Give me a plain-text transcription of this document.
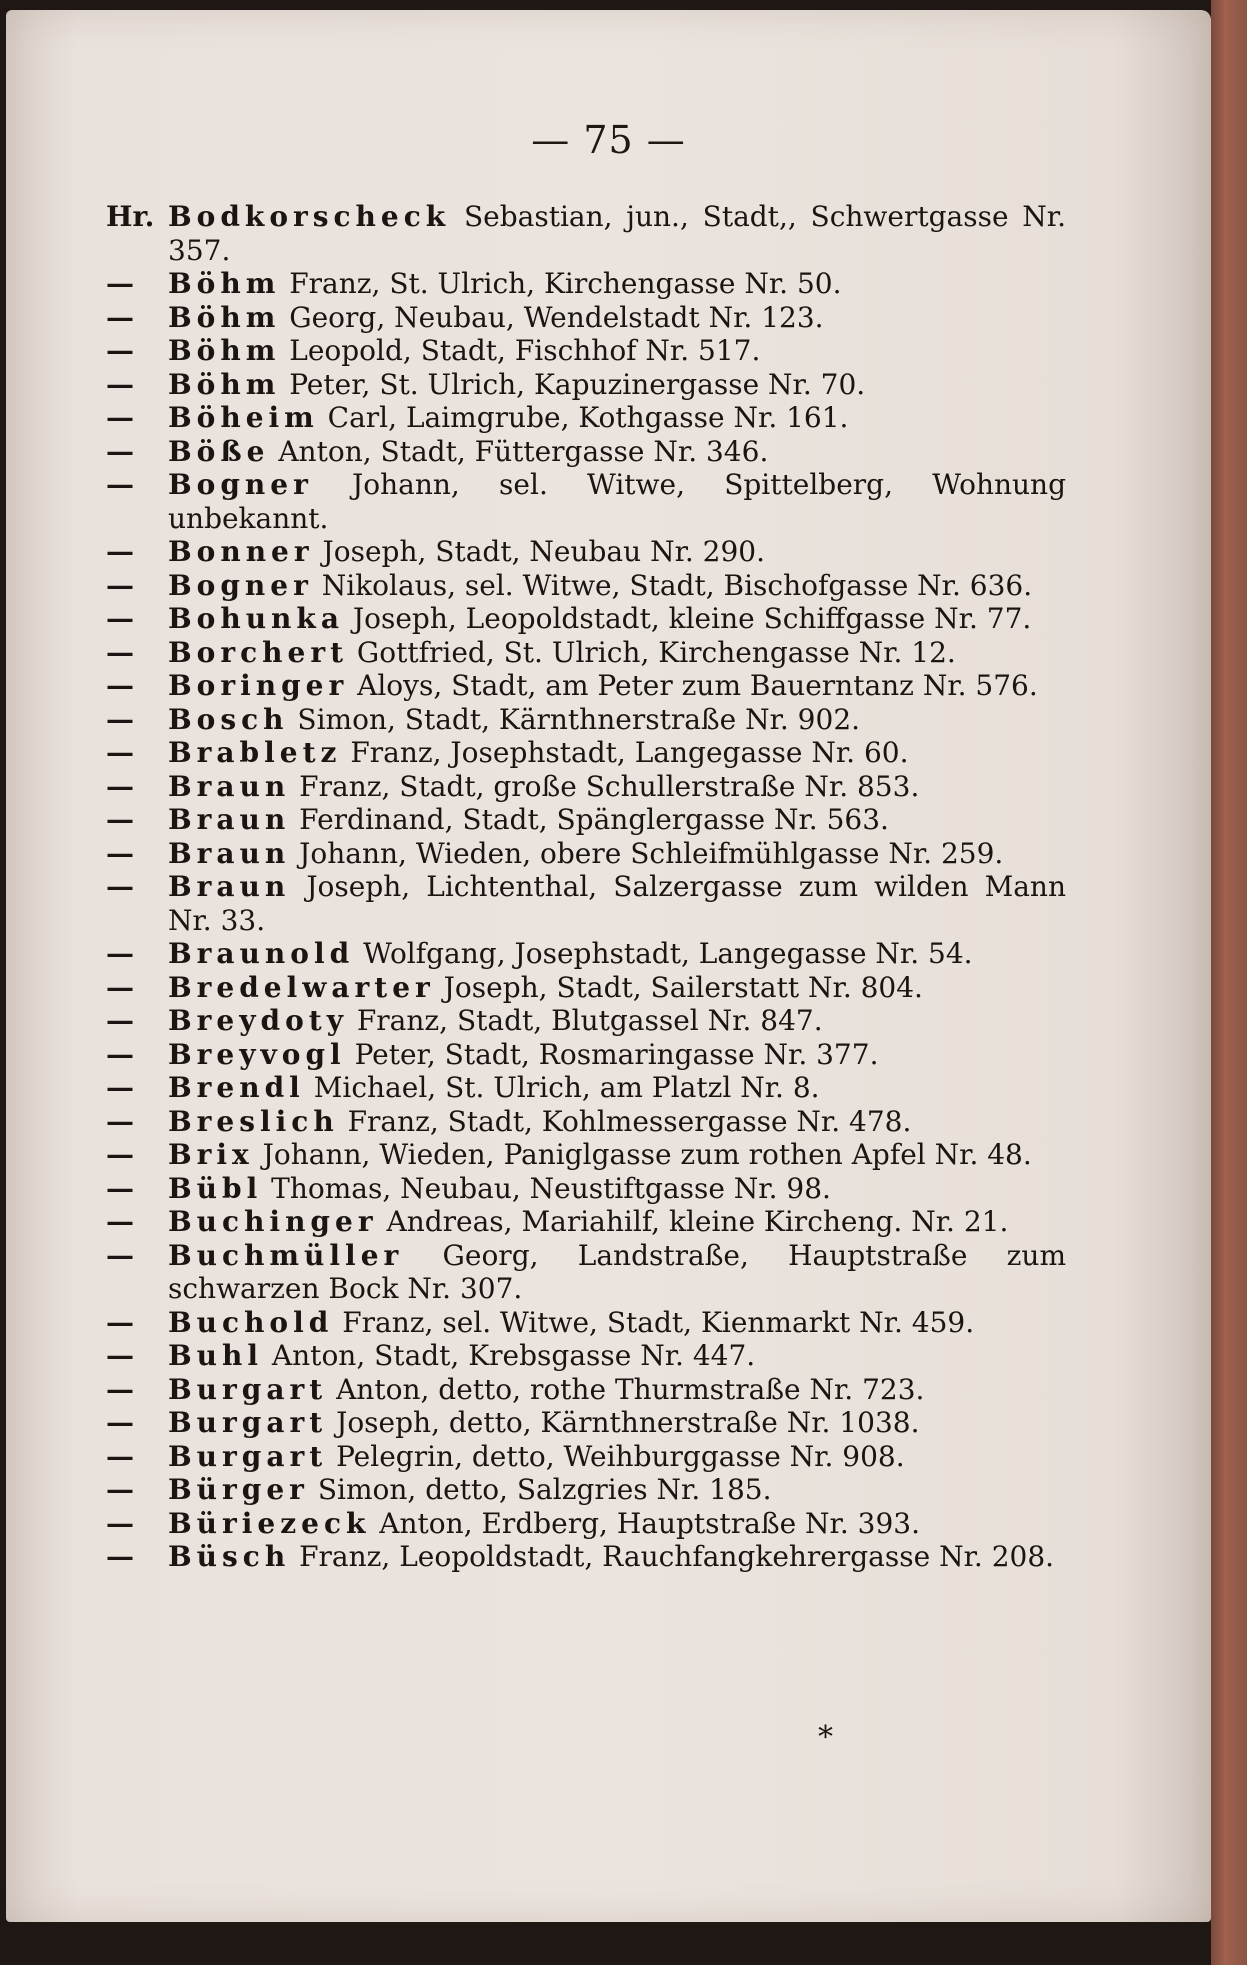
— 75 —
Hr. Bodkorscheck Sebastian, jun., Stadt,, Schwertgasse Nr. 357.
—	Böhm Franz, St. Ulrich, Kirchengasse Nr. 50.
—	Böhm Georg, Neubau, Wendelstadt Nr. 123.
—	Böhm Leopold, Stadt, Fischhof Nr. 517.
—	Böhm Peter, St. Ulrich, Kapuzinergasse Nr. 70.
—	Böheim Carl, Laimgrube, Kothgasse Nr. 161.
—	Böße Anton, Stadt, Füttergasse Nr. 346.
—	Bogner Johann, sel. Witwe, Spittelberg, Wohnung unbekannt.
—	Bonner Joseph, Stadt, Neubau Nr. 290.
—	Bogner Nikolaus, sel. Witwe, Stadt, Bischofgasse Nr. 636.
—	Bohunka Joseph, Leopoldstadt, kleine Schiffgasse Nr. 77.
—	Borchert Gottfried, St. Ulrich, Kirchengasse Nr. 12.
—	Boringer Aloys, Stadt, am Peter zum Bauerntanz Nr. 576.
—	Bosch Simon, Stadt, Kärnthnerstraße Nr. 902.
—	Brabletz Franz, Josephstadt, Langegasse Nr. 60.
—	Braun Franz, Stadt, große Schullerstraße Nr. 853.
—	Braun Ferdinand, Stadt, Spänglergasse Nr. 563.
—	Braun Johann, Wieden, obere Schleifmühlgasse Nr. 259.
—	Braun Joseph, Lichtenthal, Salzergasse zum wilden Mann Nr. 33.
—	Braunold Wolfgang, Josephstadt, Langegasse Nr. 54.
—	Bredelwarter Joseph, Stadt, Sailerstatt Nr. 804.
—	Breydoty Franz, Stadt, Blutgassel Nr. 847.
—	Breyvogl Peter, Stadt, Rosmaringasse Nr. 377.
—	Brendl Michael, St. Ulrich, am Platzl Nr. 8.
—	Breslich Franz, Stadt, Kohlmessergasse Nr. 478.
—	Brix Johann, Wieden, Paniglgasse zum rothen Apfel Nr. 48.
—	Bübl Thomas, Neubau, Neustiftgasse Nr. 98.
—	Buchinger Andreas, Mariahilf, kleine Kircheng. Nr. 21.
—	Buchmüller Georg, Landstraße, Hauptstraße zum schwarzen Bock Nr. 307.
—	Buchold Franz, sel. Witwe, Stadt, Kienmarkt Nr. 459.
—	Buhl Anton, Stadt, Krebsgasse Nr. 447.
—	Burgart Anton, detto, rothe Thurmstraße Nr. 723.
—	Burgart Joseph, detto, Kärnthnerstraße Nr. 1038.
—	Burgart Pelegrin, detto, Weihburggasse Nr. 908.
—	Bürger Simon, detto, Salzgries Nr. 185.
—	Büriezeck Anton, Erdberg, Hauptstraße Nr. 393.
—	Büsch Franz, Leopoldstadt, Rauchfangkehrergasse Nr. 208.
*
